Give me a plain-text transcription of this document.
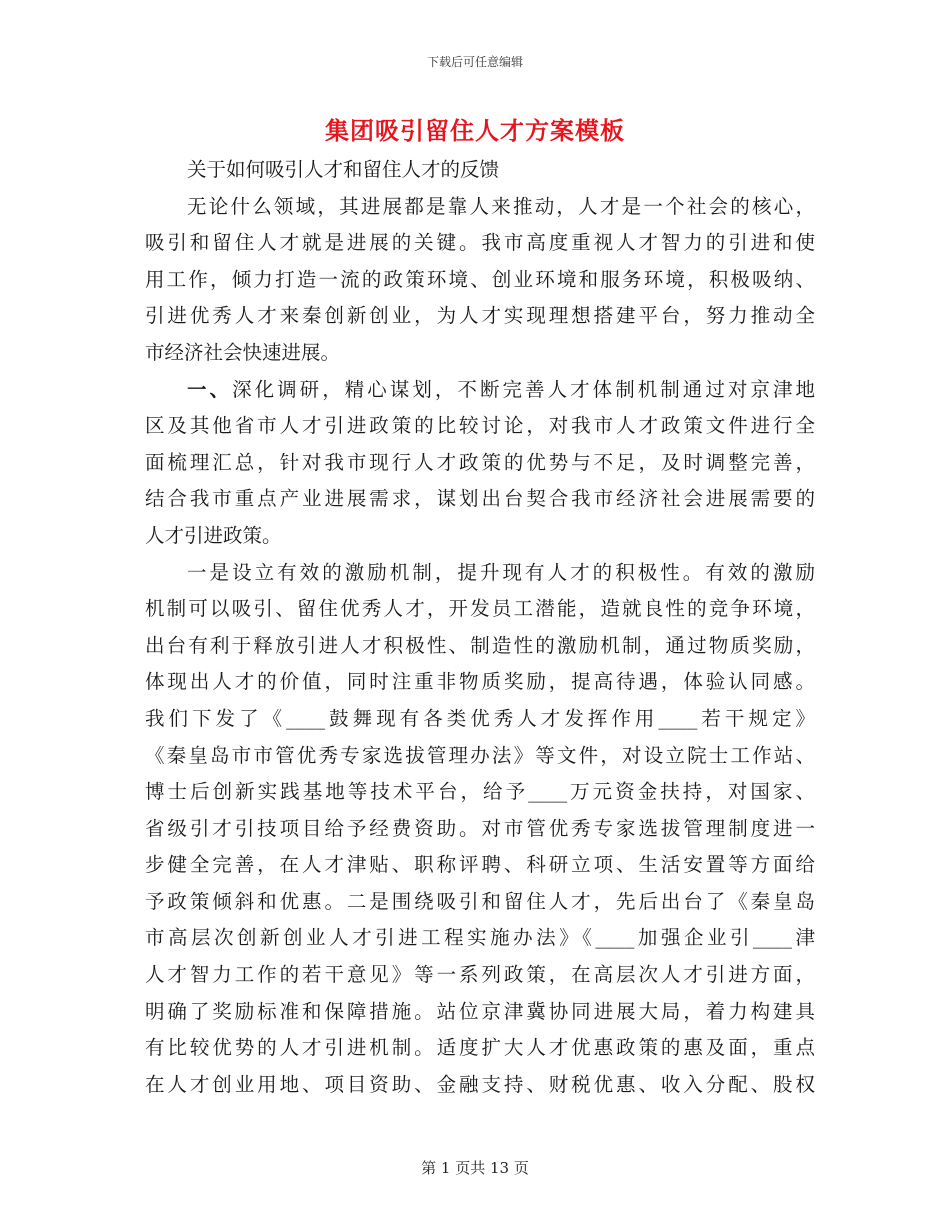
下载后可任意编辑
集团吸引留住人才方案模板
关于如何吸引人才和留住人才的反馈
无论什么领域，其进展都是靠人来推动，人才是一个社会的核心，
吸引和留住人才就是进展的关键。我市高度重视人才智力的引进和使
用工作，倾力打造一流的政策环境、创业环境和服务环境，积极吸纳、
引进优秀人才来秦创新创业，为人才实现理想搭建平台，努力推动全
市经济社会快速进展。
一、深化调研，精心谋划，不断完善人才体制机制通过对京津地
区及其他省市人才引进政策的比较讨论，对我市人才政策文件进行全
面梳理汇总，针对我市现行人才政策的优势与不足，及时调整完善，
结合我市重点产业进展需求，谋划出台契合我市经济社会进展需要的
人才引进政策。
一是设立有效的激励机制，提升现有人才的积极性。有效的激励
机制可以吸引、留住优秀人才，开发员工潜能，造就良性的竞争环境，
出台有利于释放引进人才积极性、制造性的激励机制，通过物质奖励，
体现出人才的价值，同时注重非物质奖励，提高待遇，体验认同感。
我们下发了《____鼓舞现有各类优秀人才发挥作用____若干规定》
《秦皇岛市市管优秀专家选拔管理办法》等文件，对设立院士工作站、
博士后创新实践基地等技术平台，给予____万元资金扶持，对国家、
省级引才引技项目给予经费资助。对市管优秀专家选拔管理制度进一
步健全完善，在人才津贴、职称评聘、科研立项、生活安置等方面给
予政策倾斜和优惠。二是围绕吸引和留住人才，先后出台了《秦皇岛
市高层次创新创业人才引进工程实施办法》《____加强企业引____津
人才智力工作的若干意见》等一系列政策，在高层次人才引进方面，
明确了奖励标准和保障措施。站位京津冀协同进展大局，着力构建具
有比较优势的人才引进机制。适度扩大人才优惠政策的惠及面，重点
在人才创业用地、项目资助、金融支持、财税优惠、收入分配、股权
第 1 页共 13 页
